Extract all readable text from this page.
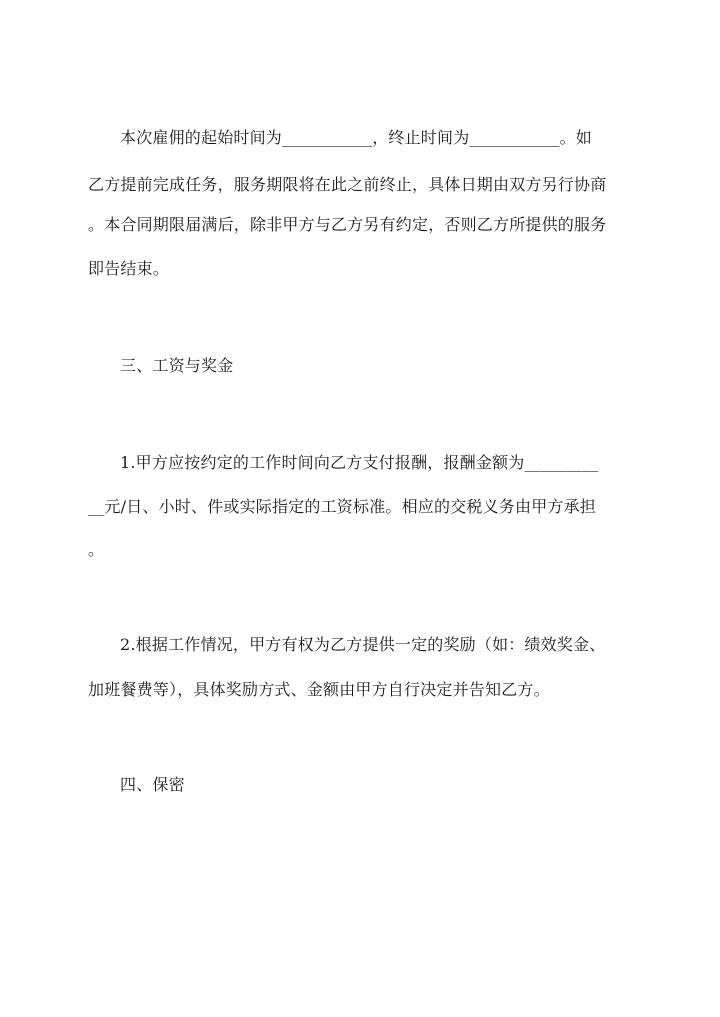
本次雇佣的起始时间为___________，终止时间为___________。如
乙方提前完成任务，服务期限将在此之前终止，具体日期由双方另行协商
。本合同期限届满后，除非甲方与乙方另有约定，否则乙方所提供的服务
即告结束。
三、工资与奖金
1.甲方应按约定的工作时间向乙方支付报酬，报酬金额为_________
__元/日、小时、件或实际指定的工资标准。相应的交税义务由甲方承担
。
2.根据工作情况，甲方有权为乙方提供一定的奖励（如：绩效奖金、
加班餐费等），具体奖励方式、金额由甲方自行决定并告知乙方。
四、保密
